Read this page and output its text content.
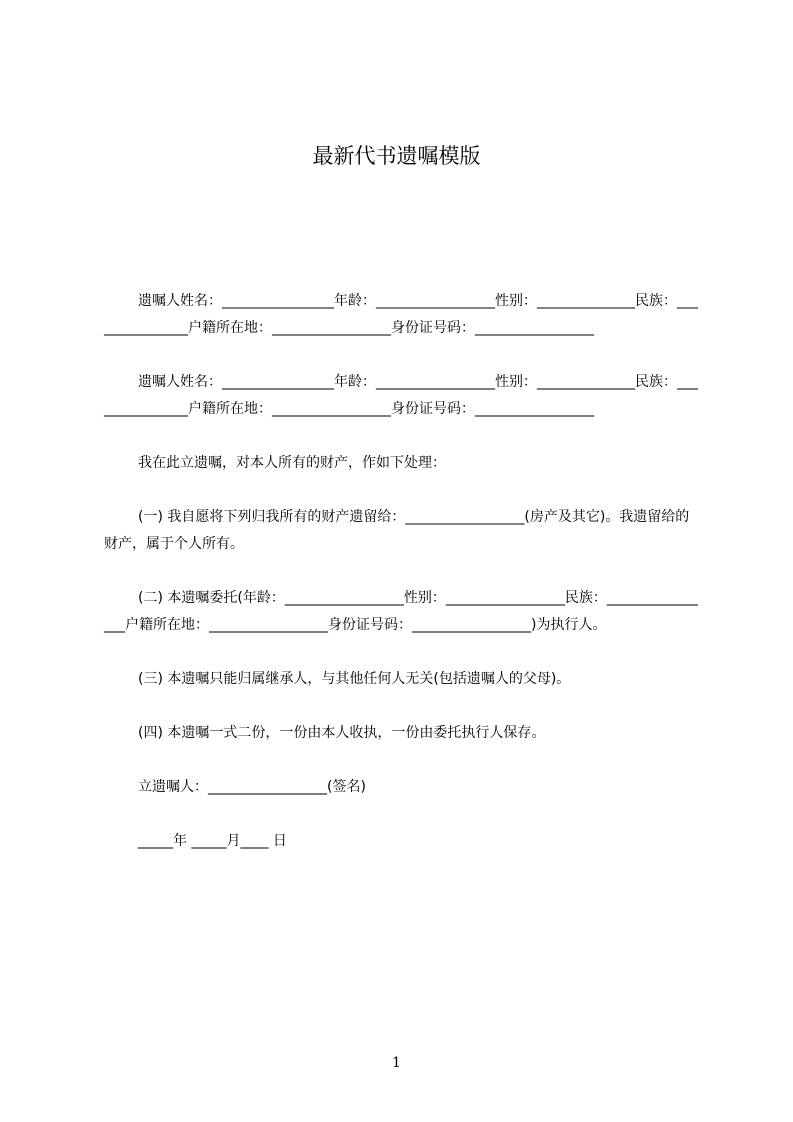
最新代书遗嘱模版

遗嘱人姓名：________________年龄：_________________性别：______________民族：_______________户籍所在地：_________________身份证号码：_________________

遗嘱人姓名：________________年龄：_________________性别：______________民族：_______________户籍所在地：_________________身份证号码：_________________

我在此立遗嘱，对本人所有的财产，作如下处理：

(一) 我自愿将下列归我所有的财产遗留给：_________________(房产及其它)。我遗留给的财产，属于个人所有。

(二) 本遗嘱委托(年龄：_________________性别：_________________民族：________________户籍所在地：_________________身份证号码：_________________)为执行人。

(三) 本遗嘱只能归属继承人，与其他任何人无关(包括遗嘱人的父母)。

(四) 本遗嘱一式二份，一份由本人收执，一份由委托执行人保存。

立遗嘱人：_________________(签名)

_____年 _____月____ 日

1
